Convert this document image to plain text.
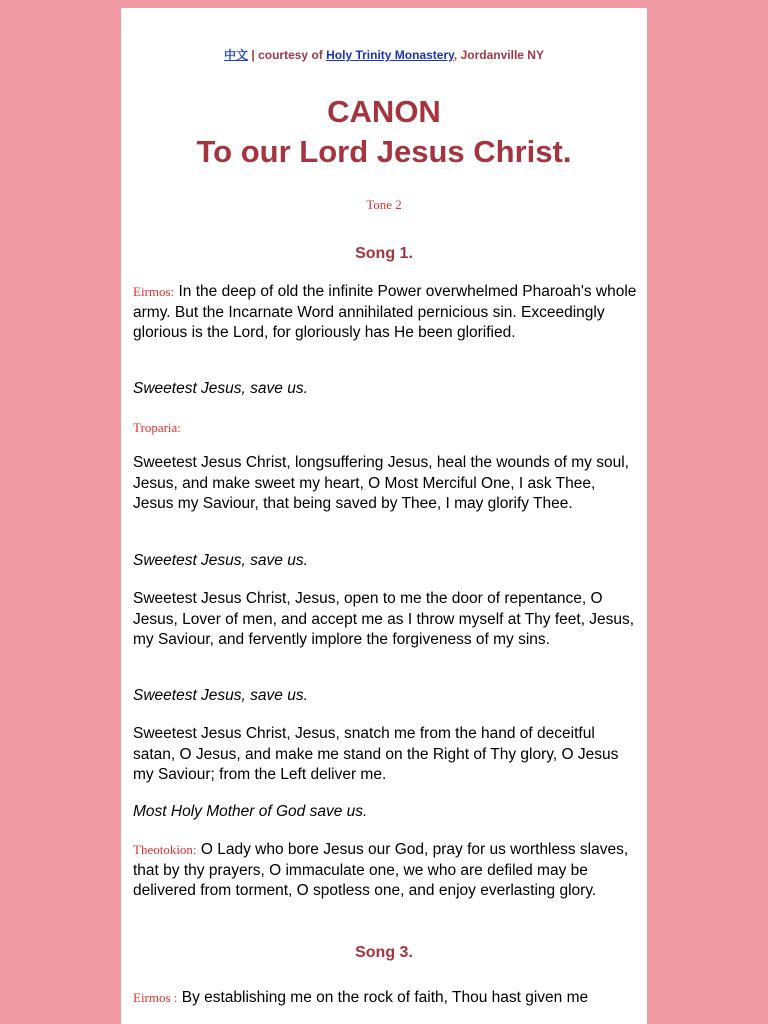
中文 | courtesy of Holy Trinity Monastery, Jordanville NY
CANON
To our Lord Jesus Christ.
Tone 2
Song 1.
Eirmos: In the deep of old the infinite Power overwhelmed Pharoah's whole army. But the Incarnate Word annihilated pernicious sin. Exceedingly glorious is the Lord, for gloriously has He been glorified.
Sweetest Jesus, save us.
Troparia:
Sweetest Jesus Christ, longsuffering Jesus, heal the wounds of my soul, Jesus, and make sweet my heart, O Most Merciful One, I ask Thee, Jesus my Saviour, that being saved by Thee, I may glorify Thee.
Sweetest Jesus, save us.
Sweetest Jesus Christ, Jesus, open to me the door of repentance, O Jesus, Lover of men, and accept me as I throw myself at Thy feet, Jesus, my Saviour, and fervently implore the forgiveness of my sins.
Sweetest Jesus, save us.
Sweetest Jesus Christ, Jesus, snatch me from the hand of deceitful satan, O Jesus, and make me stand on the Right of Thy glory, O Jesus my Saviour; from the Left deliver me.
Most Holy Mother of God save us.
Theotokion: O Lady who bore Jesus our God, pray for us worthless slaves, that by thy prayers, O immaculate one, we who are defiled may be delivered from torment, O spotless one, and enjoy everlasting glory.
Song 3.
Eirmos : By establishing me on the rock of faith, Thou hast given me
